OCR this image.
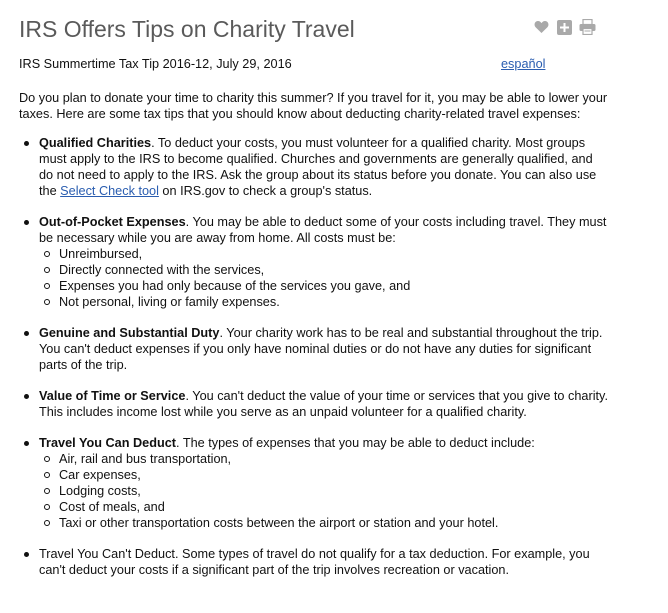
IRS Offers Tips on Charity Travel
IRS Summertime Tax Tip 2016-12, July 29, 2016	español

Do you plan to donate your time to charity this summer? If you travel for it, you may be able to lower your taxes. Here are some tax tips that you should know about deducting charity-related travel expenses:

Qualified Charities. To deduct your costs, you must volunteer for a qualified charity. Most groups must apply to the IRS to become qualified. Churches and governments are generally qualified, and do not need to apply to the IRS. Ask the group about its status before you donate. You can also use the Select Check tool on IRS.gov to check a group's status.
Out-of-Pocket Expenses. You may be able to deduct some of your costs including travel. They must be necessary while you are away from home. All costs must be:
Unreimbursed,
Directly connected with the services,
Expenses you had only because of the services you gave, and
Not personal, living or family expenses.
Genuine and Substantial Duty. Your charity work has to be real and substantial throughout the trip. You can't deduct expenses if you only have nominal duties or do not have any duties for significant parts of the trip.
Value of Time or Service. You can't deduct the value of your time or services that you give to charity. This includes income lost while you serve as an unpaid volunteer for a qualified charity.
Travel You Can Deduct. The types of expenses that you may be able to deduct include:
Air, rail and bus transportation,
Car expenses,
Lodging costs,
Cost of meals, and
Taxi or other transportation costs between the airport or station and your hotel.
Travel You Can't Deduct. Some types of travel do not qualify for a tax deduction. For example, you can't deduct your costs if a significant part of the trip involves recreation or vacation.
